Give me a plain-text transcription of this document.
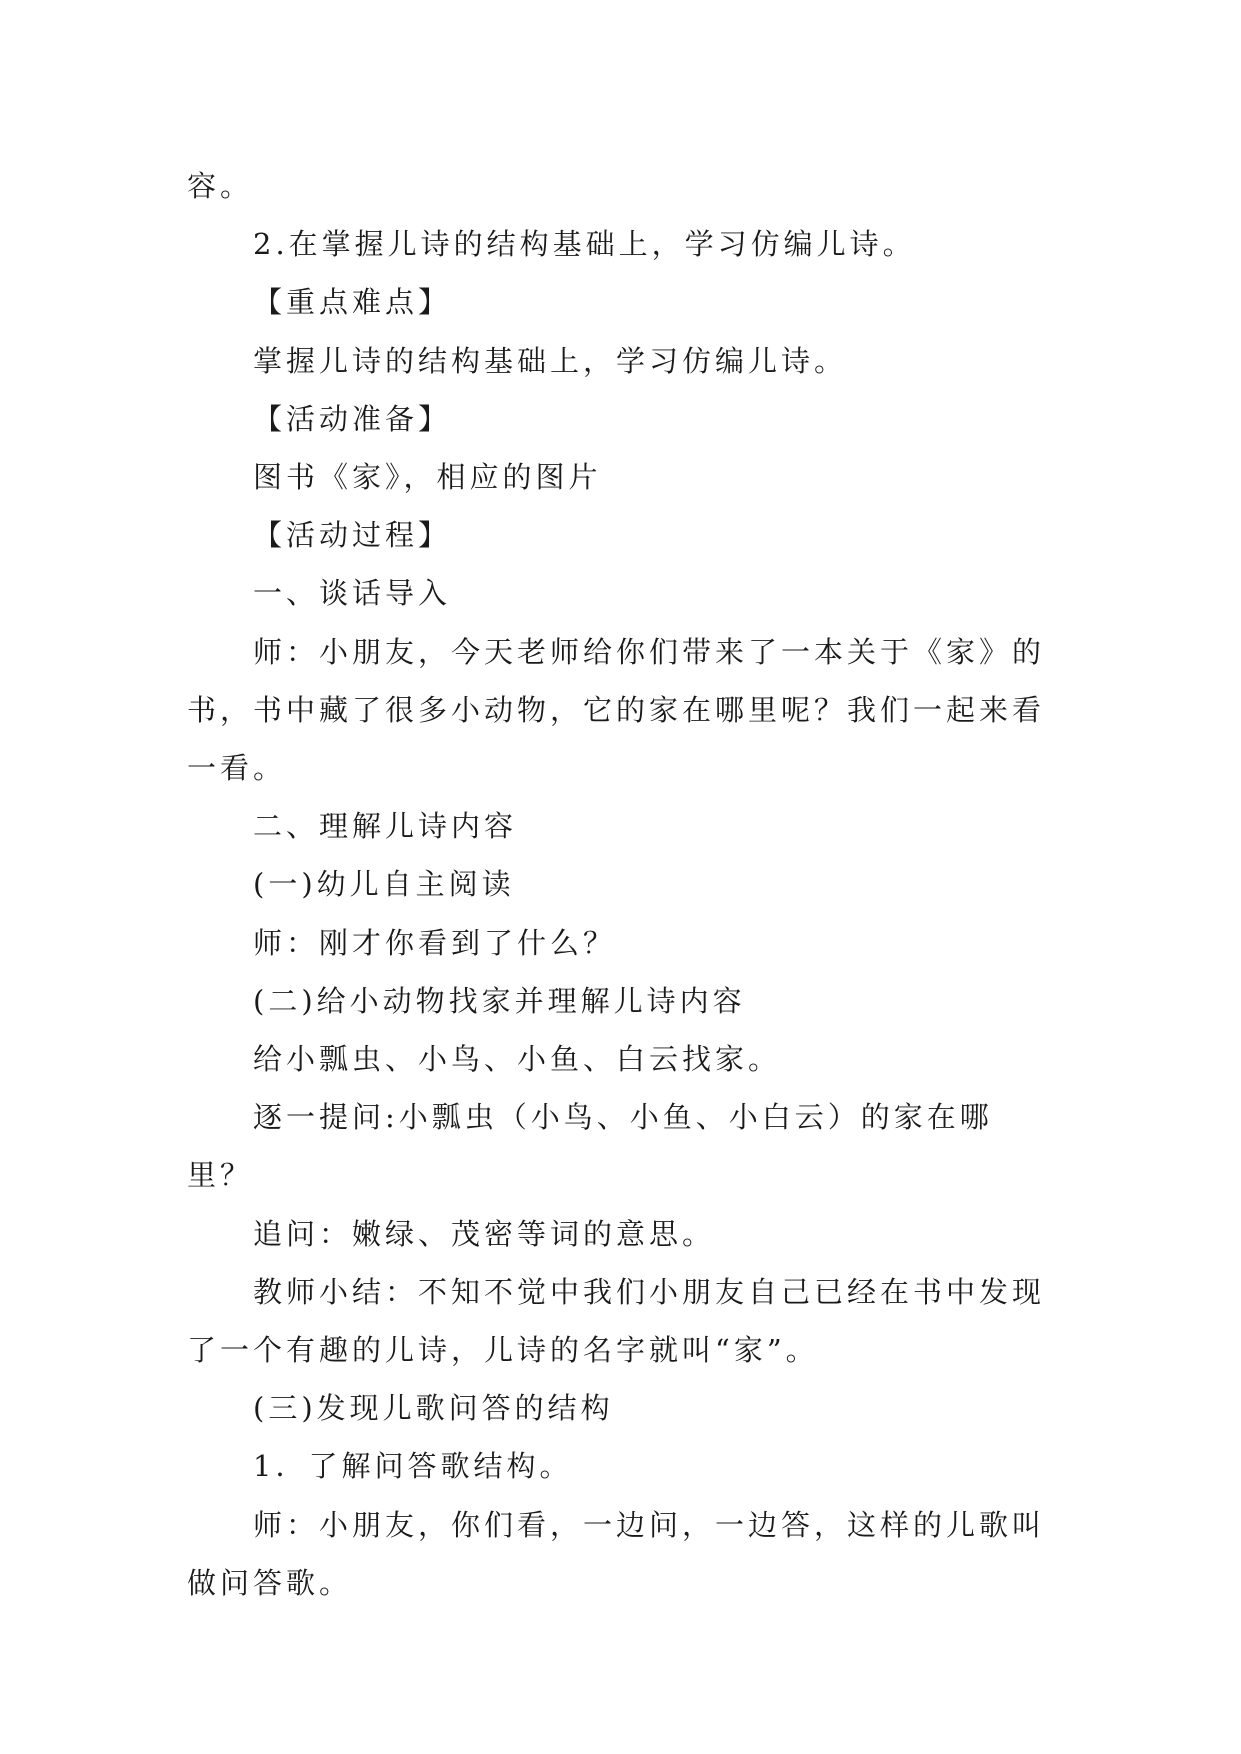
容。

2.在掌握儿诗的结构基础上，学习仿编儿诗。

【重点难点】

掌握儿诗的结构基础上，学习仿编儿诗。

【活动准备】

图书《家》，相应的图片

【活动过程】

一、谈话导入

师：小朋友，今天老师给你们带来了一本关于《家》的书，书中藏了很多小动物，它的家在哪里呢？我们一起来看一看。

二、理解儿诗内容

(一)幼儿自主阅读

师：刚才你看到了什么？

(二)给小动物找家并理解儿诗内容

给小瓢虫、小鸟、小鱼、白云找家。

逐一提问:小瓢虫（小鸟、小鱼、小白云）的家在哪里？

追问：嫩绿、茂密等词的意思。

教师小结：不知不觉中我们小朋友自己已经在书中发现了一个有趣的儿诗，儿诗的名字就叫“家”。

(三)发现儿歌问答的结构

1．了解问答歌结构。

师：小朋友，你们看，一边问，一边答，这样的儿歌叫做问答歌。
